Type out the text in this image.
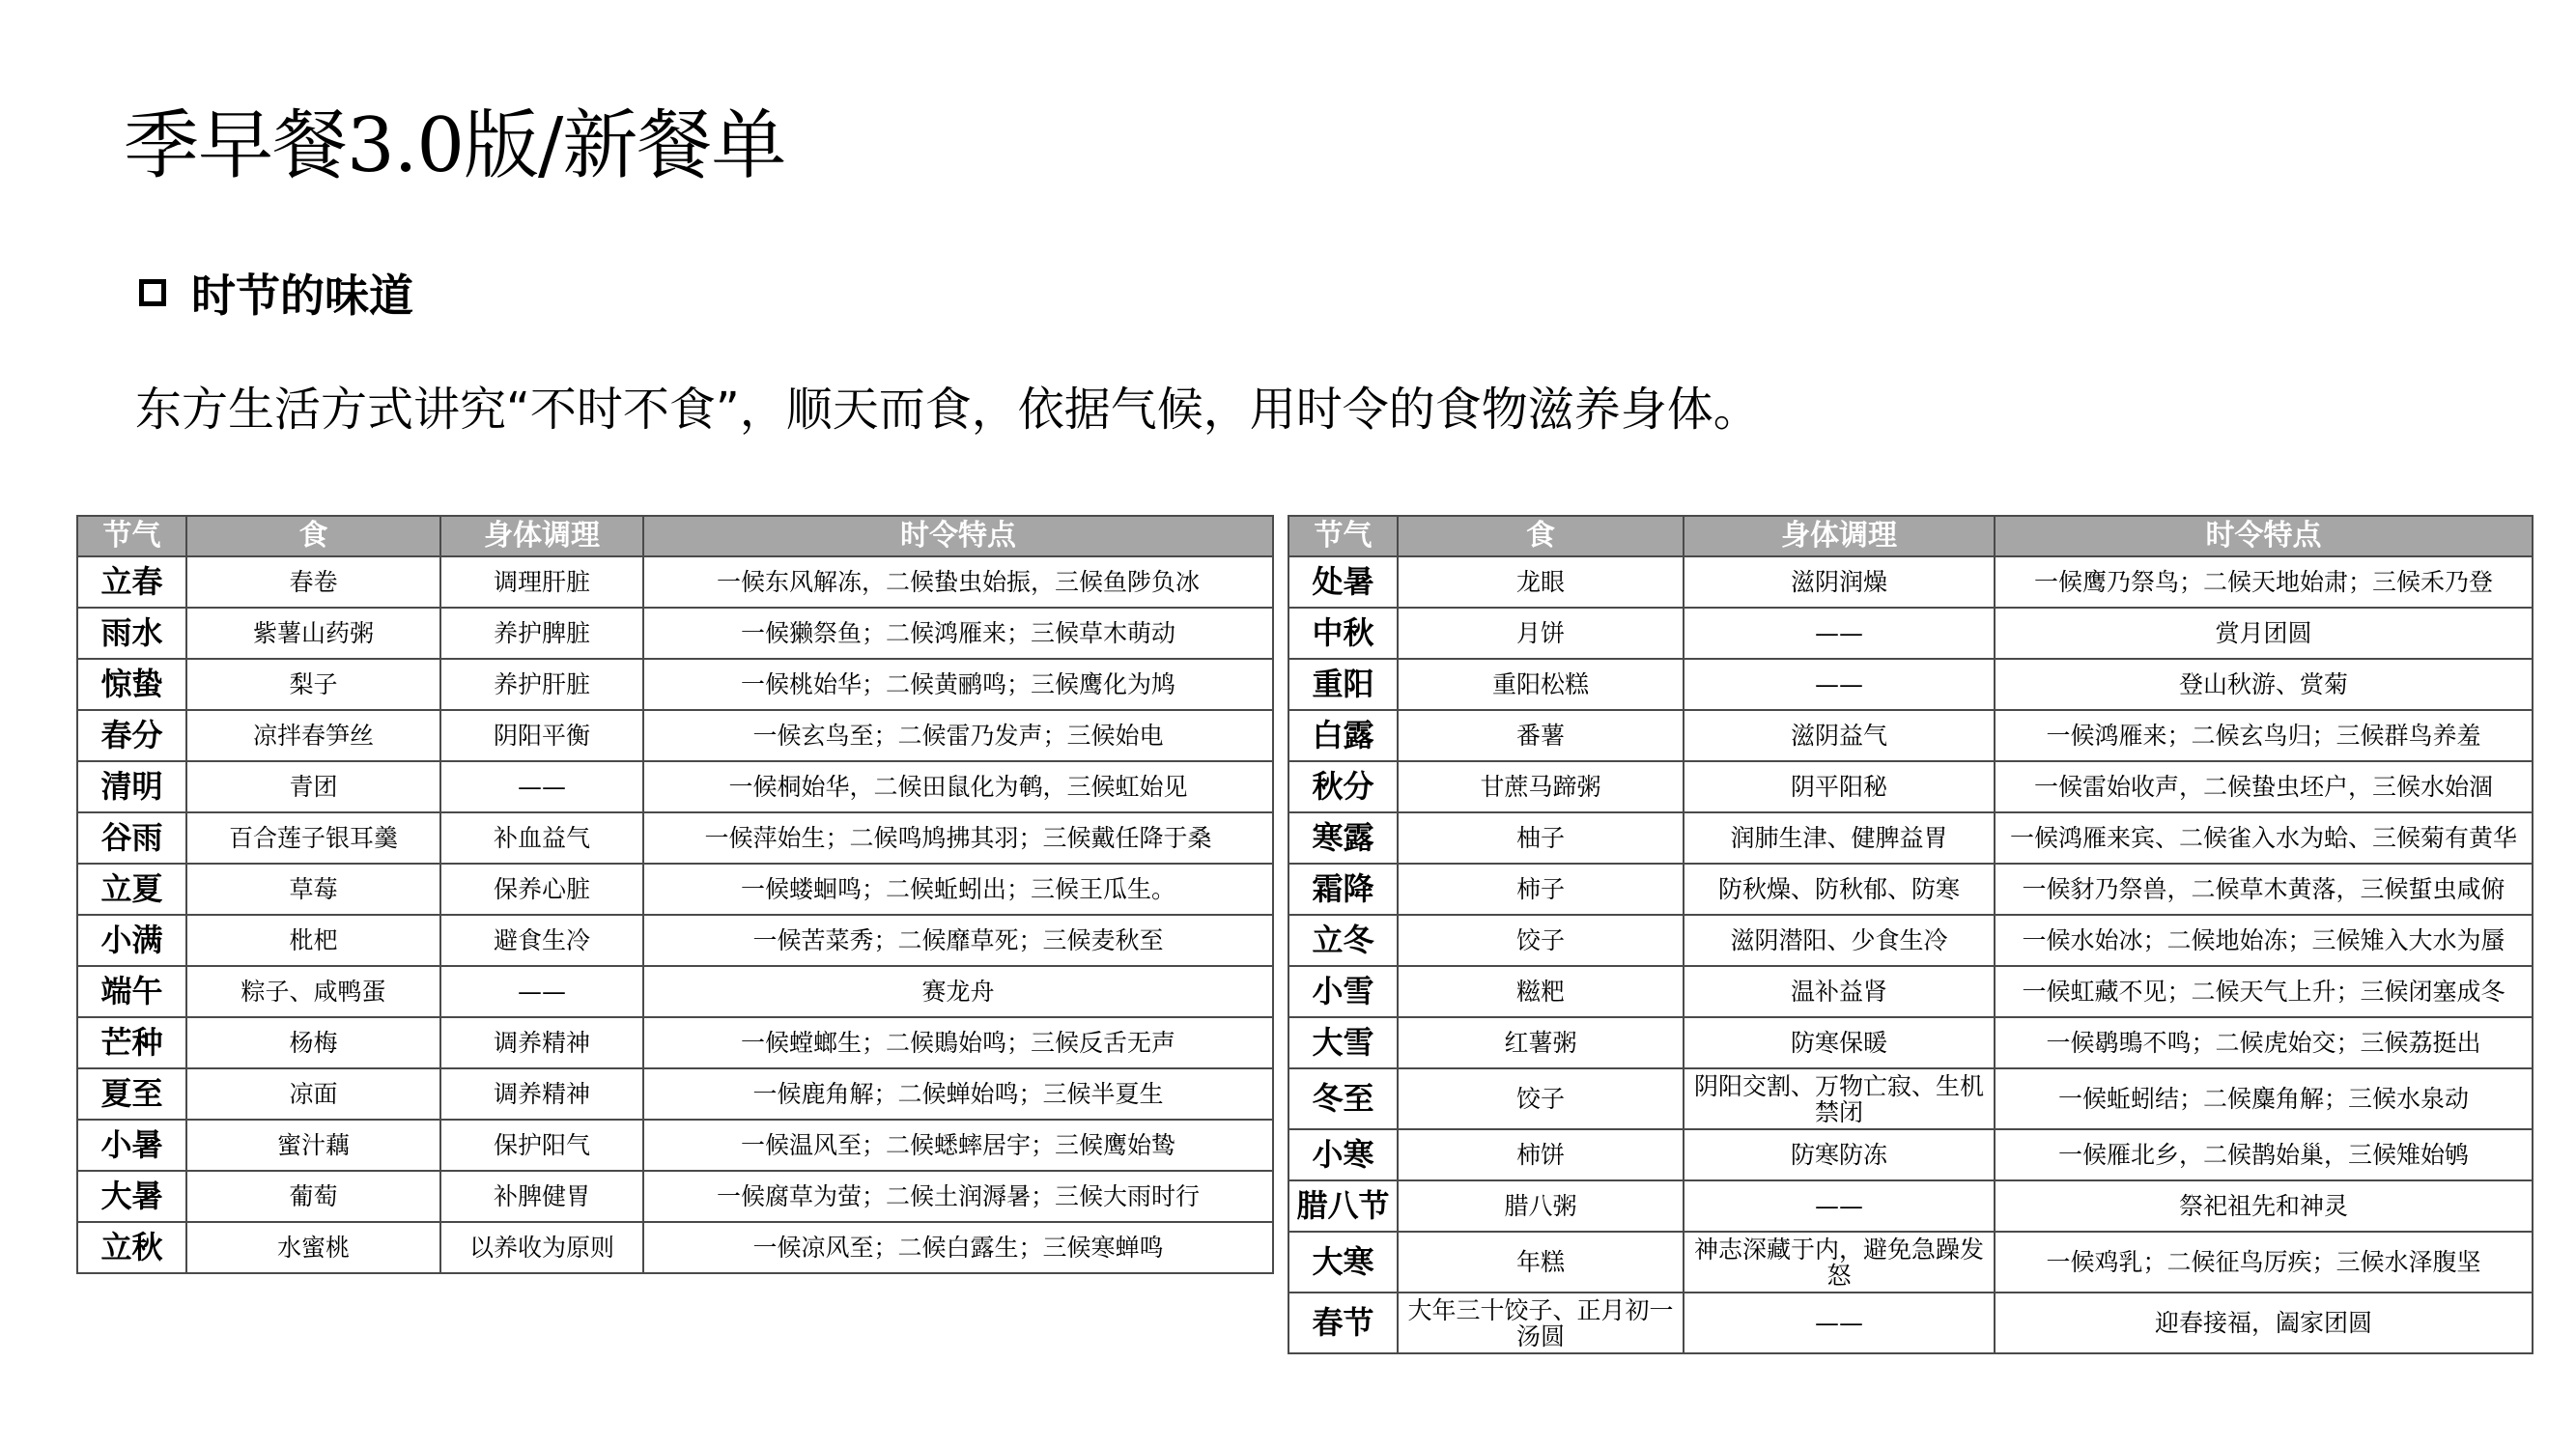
季早餐3.0版/新餐单
时节的味道
东方生活方式讲究“不时不食”，顺天而食，依据气候，用时令的食物滋养身体。
节气	食	身体调理	时令特点
立春	春卷	调理肝脏	一候东风解冻，二候蛰虫始振，三候鱼陟负冰
雨水	紫薯山药粥	养护脾脏	一候獭祭鱼；二候鸿雁来；三候草木萌动
惊蛰	梨子	养护肝脏	一候桃始华；二候黄鹂鸣；三候鹰化为鸠
春分	凉拌春笋丝	阴阳平衡	一候玄鸟至；二候雷乃发声；三候始电
清明	青团	——	一候桐始华，二候田鼠化为鹌，三候虹始见
谷雨	百合莲子银耳羹	补血益气	一候萍始生；二候鸣鸠拂其羽；三候戴任降于桑
立夏	草莓	保养心脏	一候蝼蛔鸣；二候蚯蚓出；三候王瓜生。
小满	枇杷	避食生冷	一候苦菜秀；二候靡草死；三候麦秋至
端午	粽子、咸鸭蛋	——	赛龙舟
芒种	杨梅	调养精神	一候螳螂生；二候鵙始鸣；三候反舌无声
夏至	凉面	调养精神	一候鹿角解；二候蝉始鸣；三候半夏生
小暑	蜜汁藕	保护阳气	一候温风至；二候蟋蟀居宇；三候鹰始鸷
大暑	葡萄	补脾健胃	一候腐草为萤；二候土润溽暑；三候大雨时行
立秋	水蜜桃	以养收为原则	一候凉风至；二候白露生；三候寒蝉鸣
节气	食	身体调理	时令特点
处暑	龙眼	滋阴润燥	一候鹰乃祭鸟；二候天地始肃；三候禾乃登
中秋	月饼	——	赏月团圆
重阳	重阳松糕	——	登山秋游、赏菊
白露	番薯	滋阴益气	一候鸿雁来；二候玄鸟归；三候群鸟养羞
秋分	甘蔗马蹄粥	阴平阳秘	一候雷始收声，二候蛰虫坯户，三候水始涸
寒露	柚子	润肺生津、健脾益胃	一候鸿雁来宾、二候雀入水为蛤、三候菊有黄华
霜降	柿子	防秋燥、防秋郁、防寒	一候豺乃祭兽，二候草木黄落，三候蜇虫咸俯
立冬	饺子	滋阴潜阳、少食生冷	一候水始冰；二候地始冻；三候雉入大水为蜃
小雪	糍粑	温补益肾	一候虹藏不见；二候天气上升；三候闭塞成冬
大雪	红薯粥	防寒保暖	一候鹖鴠不鸣；二候虎始交；三候荔挺出
冬至	饺子	阴阳交割、万物亡寂、生机禁闭	一候蚯蚓结；二候麋角解；三候水泉动
小寒	柿饼	防寒防冻	一候雁北乡，二候鹊始巢，三候雉始鸲
腊八节	腊八粥	——	祭祀祖先和神灵
大寒	年糕	神志深藏于内，避免急躁发怒	一候鸡乳；二候征鸟厉疾；三候水泽腹坚
春节	大年三十饺子、正月初一汤圆	——	迎春接福，阖家团圆
